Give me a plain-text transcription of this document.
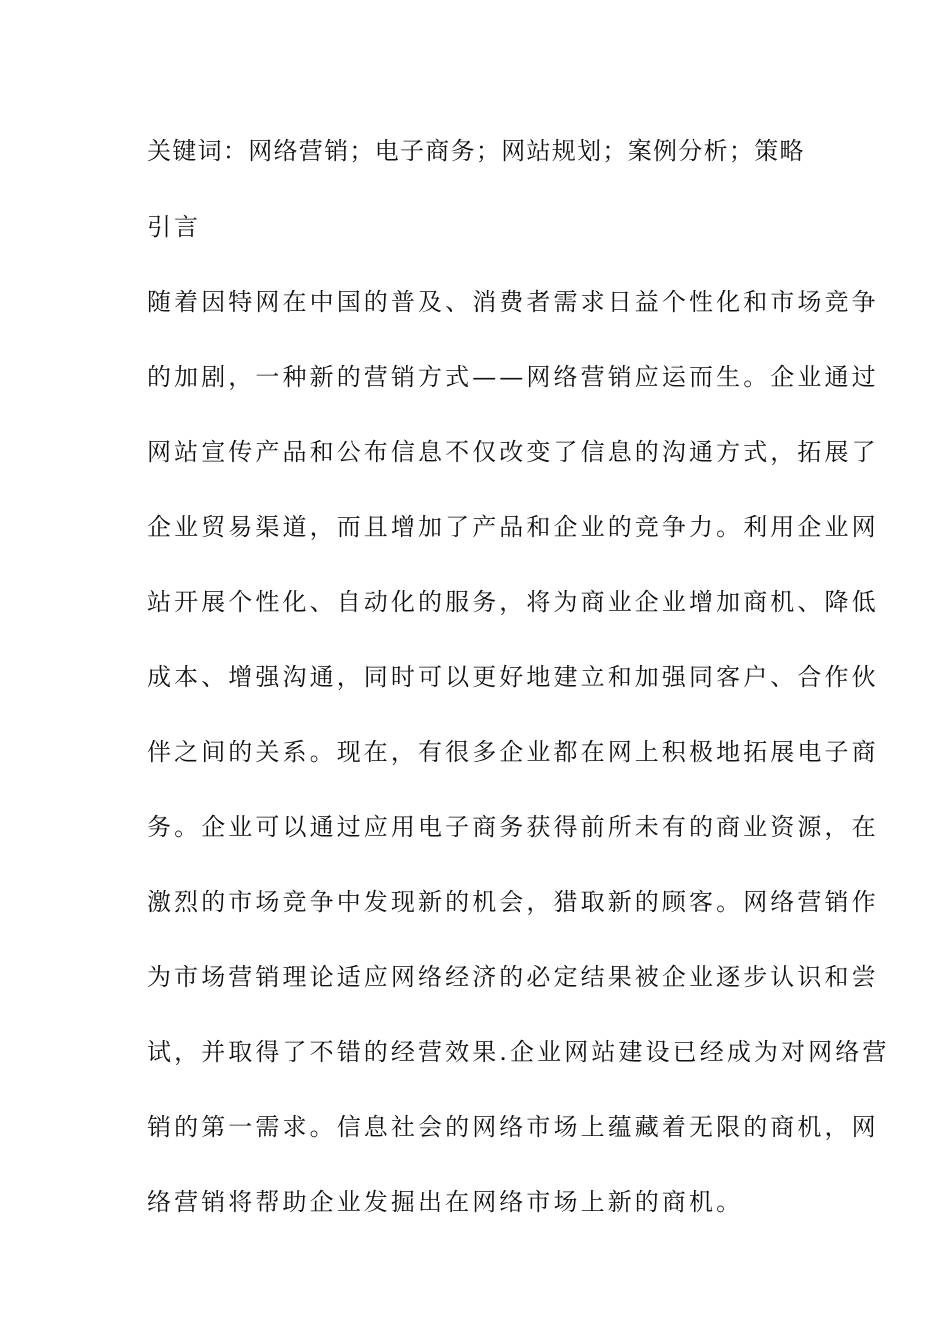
关键词：网络营销；电子商务；网站规划；案例分析；策略

引言

随着因特网在中国的普及、消费者需求日益个性化和市场竞争

的加剧，一种新的营销方式——网络营销应运而生。企业通过

网站宣传产品和公布信息不仅改变了信息的沟通方式，拓展了

企业贸易渠道，而且增加了产品和企业的竞争力。利用企业网

站开展个性化、自动化的服务，将为商业企业增加商机、降低

成本、增强沟通，同时可以更好地建立和加强同客户、合作伙

伴之间的关系。现在，有很多企业都在网上积极地拓展电子商

务。企业可以通过应用电子商务获得前所未有的商业资源，在

激烈的市场竞争中发现新的机会，猎取新的顾客。网络营销作

为市场营销理论适应网络经济的必定结果被企业逐步认识和尝

试，并取得了不错的经营效果.企业网站建设已经成为对网络营

销的第一需求。信息社会的网络市场上蕴藏着无限的商机，网

络营销将帮助企业发掘出在网络市场上新的商机。
